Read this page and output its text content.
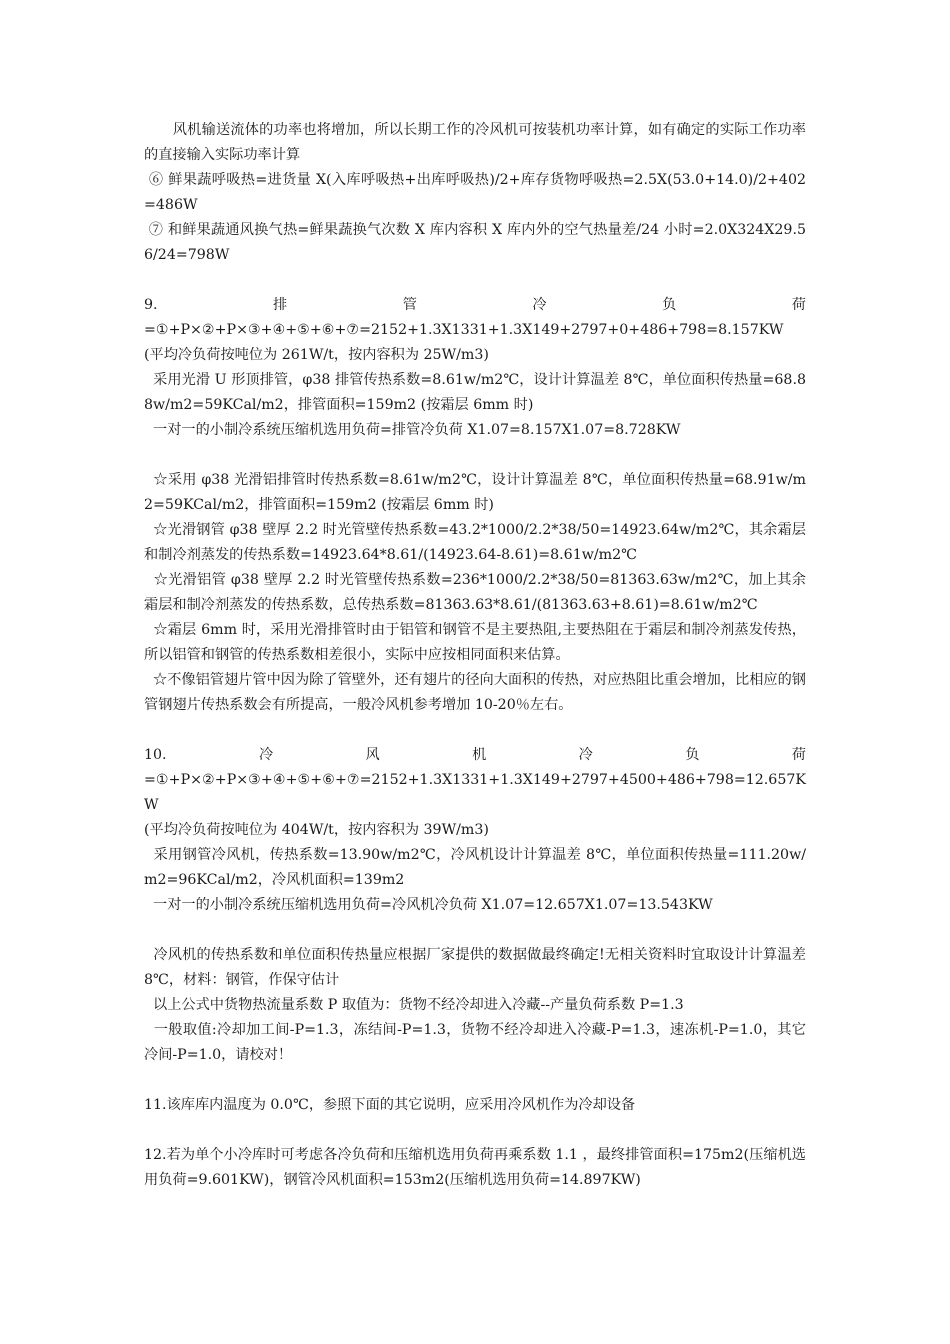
　　风机输送流体的功率也将增加，所以长期工作的冷风机可按装机功率计算，如有确定的实际工作功率的直接输入实际功率计算

⑥ 鲜果蔬呼吸热=进货量 X(入库呼吸热+出库呼吸热)/2+库存货物呼吸热=2.5X(53.0+14.0)/2+402=486W

⑦ 和鲜果蔬通风换气热=鲜果蔬换气次数 X 库内容积 X 库内外的空气热量差/24 小时=2.0X324X29.56/24=798W

9.	排	管	冷	负	荷

=①+P×②+P×③+④+⑤+⑥+⑦=2152+1.3X1331+1.3X149+2797+0+486+798=8.157KW

(平均冷负荷按吨位为 261W/t，按内容积为 25W/m3)

采用光滑 U 形顶排管，φ38 排管传热系数=8.61w/m2℃，设计计算温差 8℃，单位面积传热量=68.88w/m2=59KCal/m2，排管面积=159m2 (按霜层 6mm 时)

一对一的小制冷系统压缩机选用负荷=排管冷负荷 X1.07=8.157X1.07=8.728KW

☆采用 φ38 光滑铝排管时传热系数=8.61w/m2℃，设计计算温差 8℃，单位面积传热量=68.91w/m2=59KCal/m2，排管面积=159m2 (按霜层 6mm 时)

☆光滑钢管 φ38 壁厚 2.2 时光管壁传热系数=43.2*1000/2.2*38/50=14923.64w/m2℃，其余霜层和制冷剂蒸发的传热系数=14923.64*8.61/(14923.64-8.61)=8.61w/m2℃

☆光滑铝管 φ38 壁厚 2.2 时光管壁传热系数=236*1000/2.2*38/50=81363.63w/m2℃，加上其余霜层和制冷剂蒸发的传热系数，总传热系数=81363.63*8.61/(81363.63+8.61)=8.61w/m2℃

☆霜层 6mm 时，采用光滑排管时由于铝管和钢管不是主要热阻,主要热阻在于霜层和制冷剂蒸发传热，所以铝管和钢管的传热系数相差很小，实际中应按相同面积来估算。

☆不像铝管翅片管中因为除了管壁外，还有翅片的径向大面积的传热，对应热阻比重会增加，比相应的钢管钢翅片传热系数会有所提高，一般冷风机参考增加 10-20％左右。

10.	冷	风	机	冷	负	荷

=①+P×②+P×③+④+⑤+⑥+⑦=2152+1.3X1331+1.3X149+2797+4500+486+798=12.657KW

(平均冷负荷按吨位为 404W/t，按内容积为 39W/m3)

采用钢管冷风机，传热系数=13.90w/m2℃，冷风机设计计算温差 8℃，单位面积传热量=111.20w/m2=96KCal/m2，冷风机面积=139m2

一对一的小制冷系统压缩机选用负荷=冷风机冷负荷 X1.07=12.657X1.07=13.543KW

冷风机的传热系数和单位面积传热量应根据厂家提供的数据做最终确定!无相关资料时宜取设计计算温差 8℃，材料：钢管，作保守估计

以上公式中货物热流量系数 P 取值为：货物不经冷却进入冷藏--产量负荷系数 P=1.3

一般取值:冷却加工间-P=1.3，冻结间-P=1.3，货物不经冷却进入冷藏-P=1.3，速冻机-P=1.0，其它冷间-P=1.0，请校对！

11.该库库内温度为 0.0℃，参照下面的其它说明，应采用冷风机作为冷却设备

12.若为单个小冷库时可考虑各冷负荷和压缩机选用负荷再乘系数 1.1 ，最终排管面积=175m2(压缩机选用负荷=9.601KW)，钢管冷风机面积=153m2(压缩机选用负荷=14.897KW)
